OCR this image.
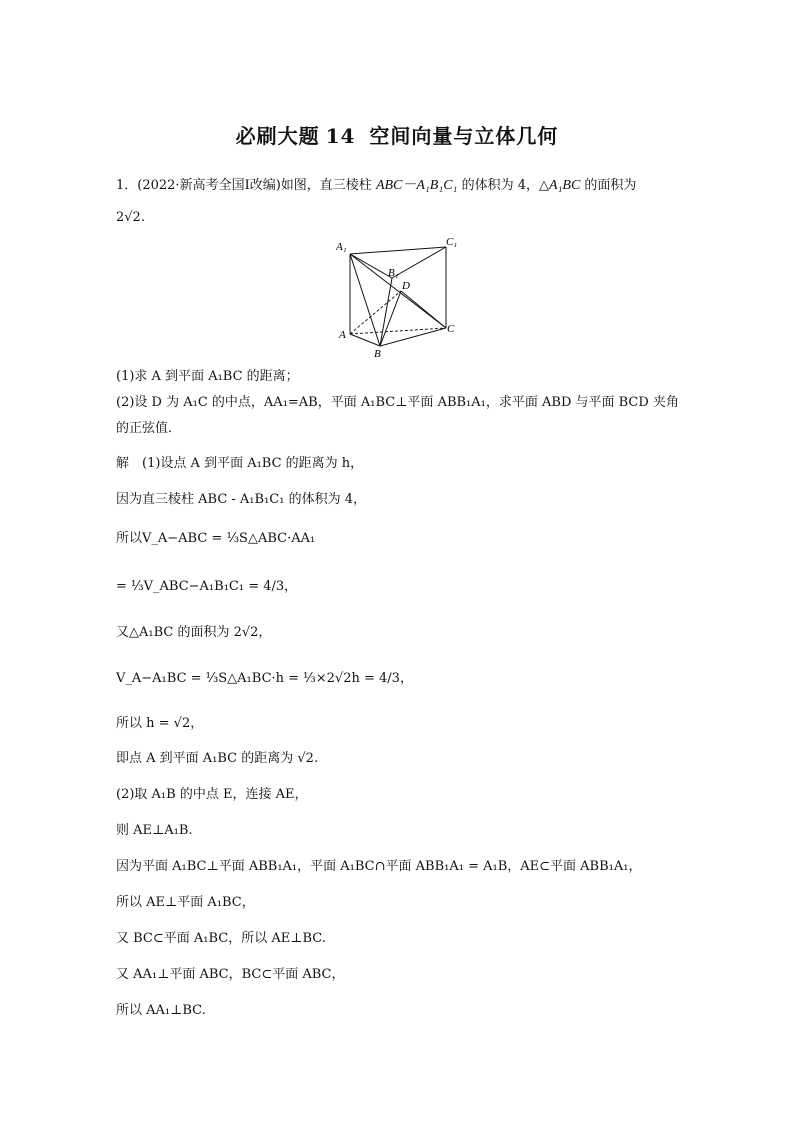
必刷大题 14 空间向量与立体几何
1．(2022·新高考全国Ⅰ改编)如图，直三棱柱 ABC－A₁B₁C₁ 的体积为 4，△A₁BC 的面积为
2√2.
A₁	C₁
B₁
D
A
B
C
(1)求 A 到平面 A₁BC 的距离；
(2)设 D 为 A₁C 的中点，AA₁=AB，平面 A₁BC⊥平面 ABB₁A₁，求平面 ABD 与平面 BCD 夹角
的正弦值．
解　(1)设点 A 到平面 A₁BC 的距离为 h，
因为直三棱柱 ABC - A₁B₁C₁ 的体积为 4，
所以V_A−ABC = ⅓S△ABC·AA₁
= ⅓V_ABC−A₁B₁C₁ = 4/3，
又△A₁BC 的面积为 2√2，
V_A−A₁BC = ⅓S△A₁BC·h = ⅓×2√2h = 4/3，
所以 h = √2，
即点 A 到平面 A₁BC 的距离为 √2.
(2)取 A₁B 的中点 E，连接 AE，
则 AE⊥A₁B.
因为平面 A₁BC⊥平面 ABB₁A₁，平面 A₁BC∩平面 ABB₁A₁ = A₁B，AE⊂平面 ABB₁A₁，
所以 AE⊥平面 A₁BC，
又 BC⊂平面 A₁BC，所以 AE⊥BC.
又 AA₁⊥平面 ABC，BC⊂平面 ABC，
所以 AA₁⊥BC.
